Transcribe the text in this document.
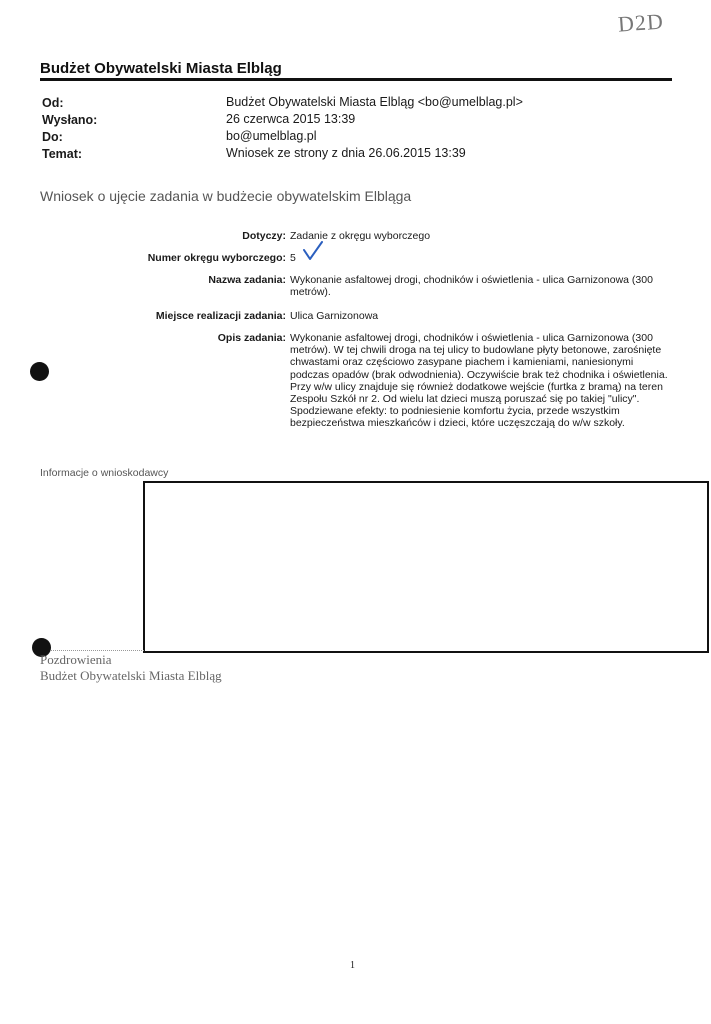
D2D
Budżet Obywatelski Miasta Elbląg
Od:	Budżet Obywatelski Miasta Elbląg <bo@umelblag.pl>
Wysłano:	26 czerwca 2015 13:39
Do:	bo@umelblag.pl
Temat:	Wniosek ze strony z dnia 26.06.2015 13:39
Wniosek o ujęcie zadania w budżecie obywatelskim Elbląga
Dotyczy: Zadanie z okręgu wyborczego
Numer okręgu wyborczego: 5
Nazwa zadania: Wykonanie asfaltowej drogi, chodników i oświetlenia - ulica Garnizonowa (300 metrów).
Miejsce realizacji zadania: Ulica Garnizonowa
Opis zadania: Wykonanie asfaltowej drogi, chodników i oświetlenia - ulica Garnizonowa (300 metrów). W tej chwili droga na tej ulicy to budowlane płyty betonowe, zarośnięte chwastami oraz częściowo zasypane piachem i kamieniami, naniesionymi podczas opadów (brak odwodnienia). Oczywiście brak też chodnika i oświetlenia. Przy w/w ulicy znajduje się również dodatkowe wejście (furtka z bramą) na teren Zespołu Szkół nr 2. Od wielu lat dzieci muszą poruszać się po takiej "ulicy". Spodziewane efekty: to podniesienie komfortu życia, przede wszystkim bezpieczeństwa mieszkańców i dzieci, które uczęszczają do w/w szkoły.
Informacje o wnioskodawcy
Pozdrowienia
Budżet Obywatelski Miasta Elbląg
1
